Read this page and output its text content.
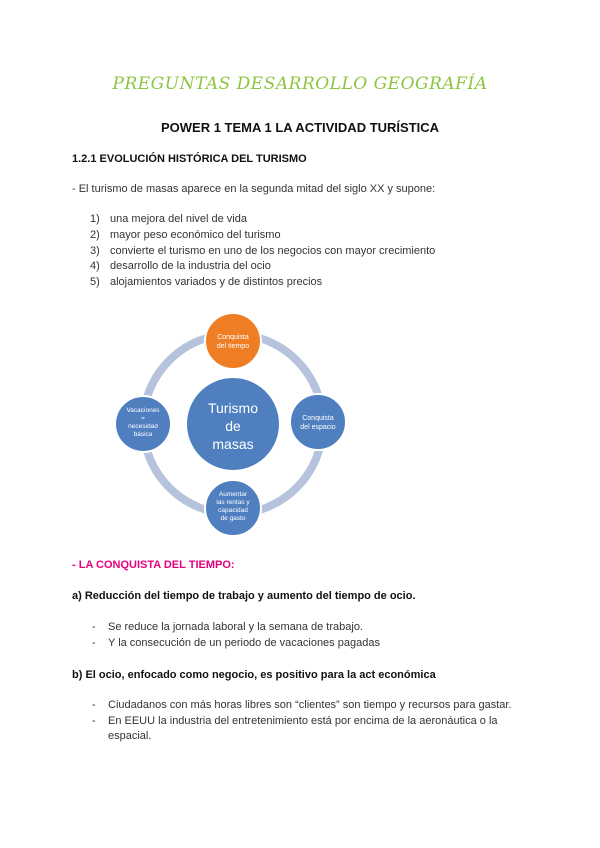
PREGUNTAS DESARROLLO GEOGRAFÍA
POWER 1 TEMA 1 LA ACTIVIDAD TURÍSTICA
1.2.1 EVOLUCIÓN HISTÓRICA DEL TURISMO
- El turismo de masas aparece en la segunda mitad del siglo XX y supone:
1) una mejora del nivel de vida
2) mayor peso económico del turismo
3) convierte el turismo en uno de los negocios con mayor crecimiento
4) desarrollo de la industria del ocio
5) alojamientos variados y de distintos precios
Turismo
de
masas
Conquista
del tiempo
Conquista
del espacio
Aumentar
las rentas y
capacidad
de gasto
Vacaciones
=
necesidad
básica
- LA CONQUISTA DEL TIEMPO:
a) Reducción del tiempo de trabajo y aumento del tiempo de ocio.
- Se reduce la jornada laboral y la semana de trabajo.
- Y la consecución de un periodo de vacaciones pagadas
b) El ocio, enfocado como negocio, es positivo para la act económica
- Ciudadanos con más horas libres son “clientes” son tiempo y recursos para gastar.
- En EEUU la industria del entretenimiento está por encima de la aeronáutica o la espacial.
